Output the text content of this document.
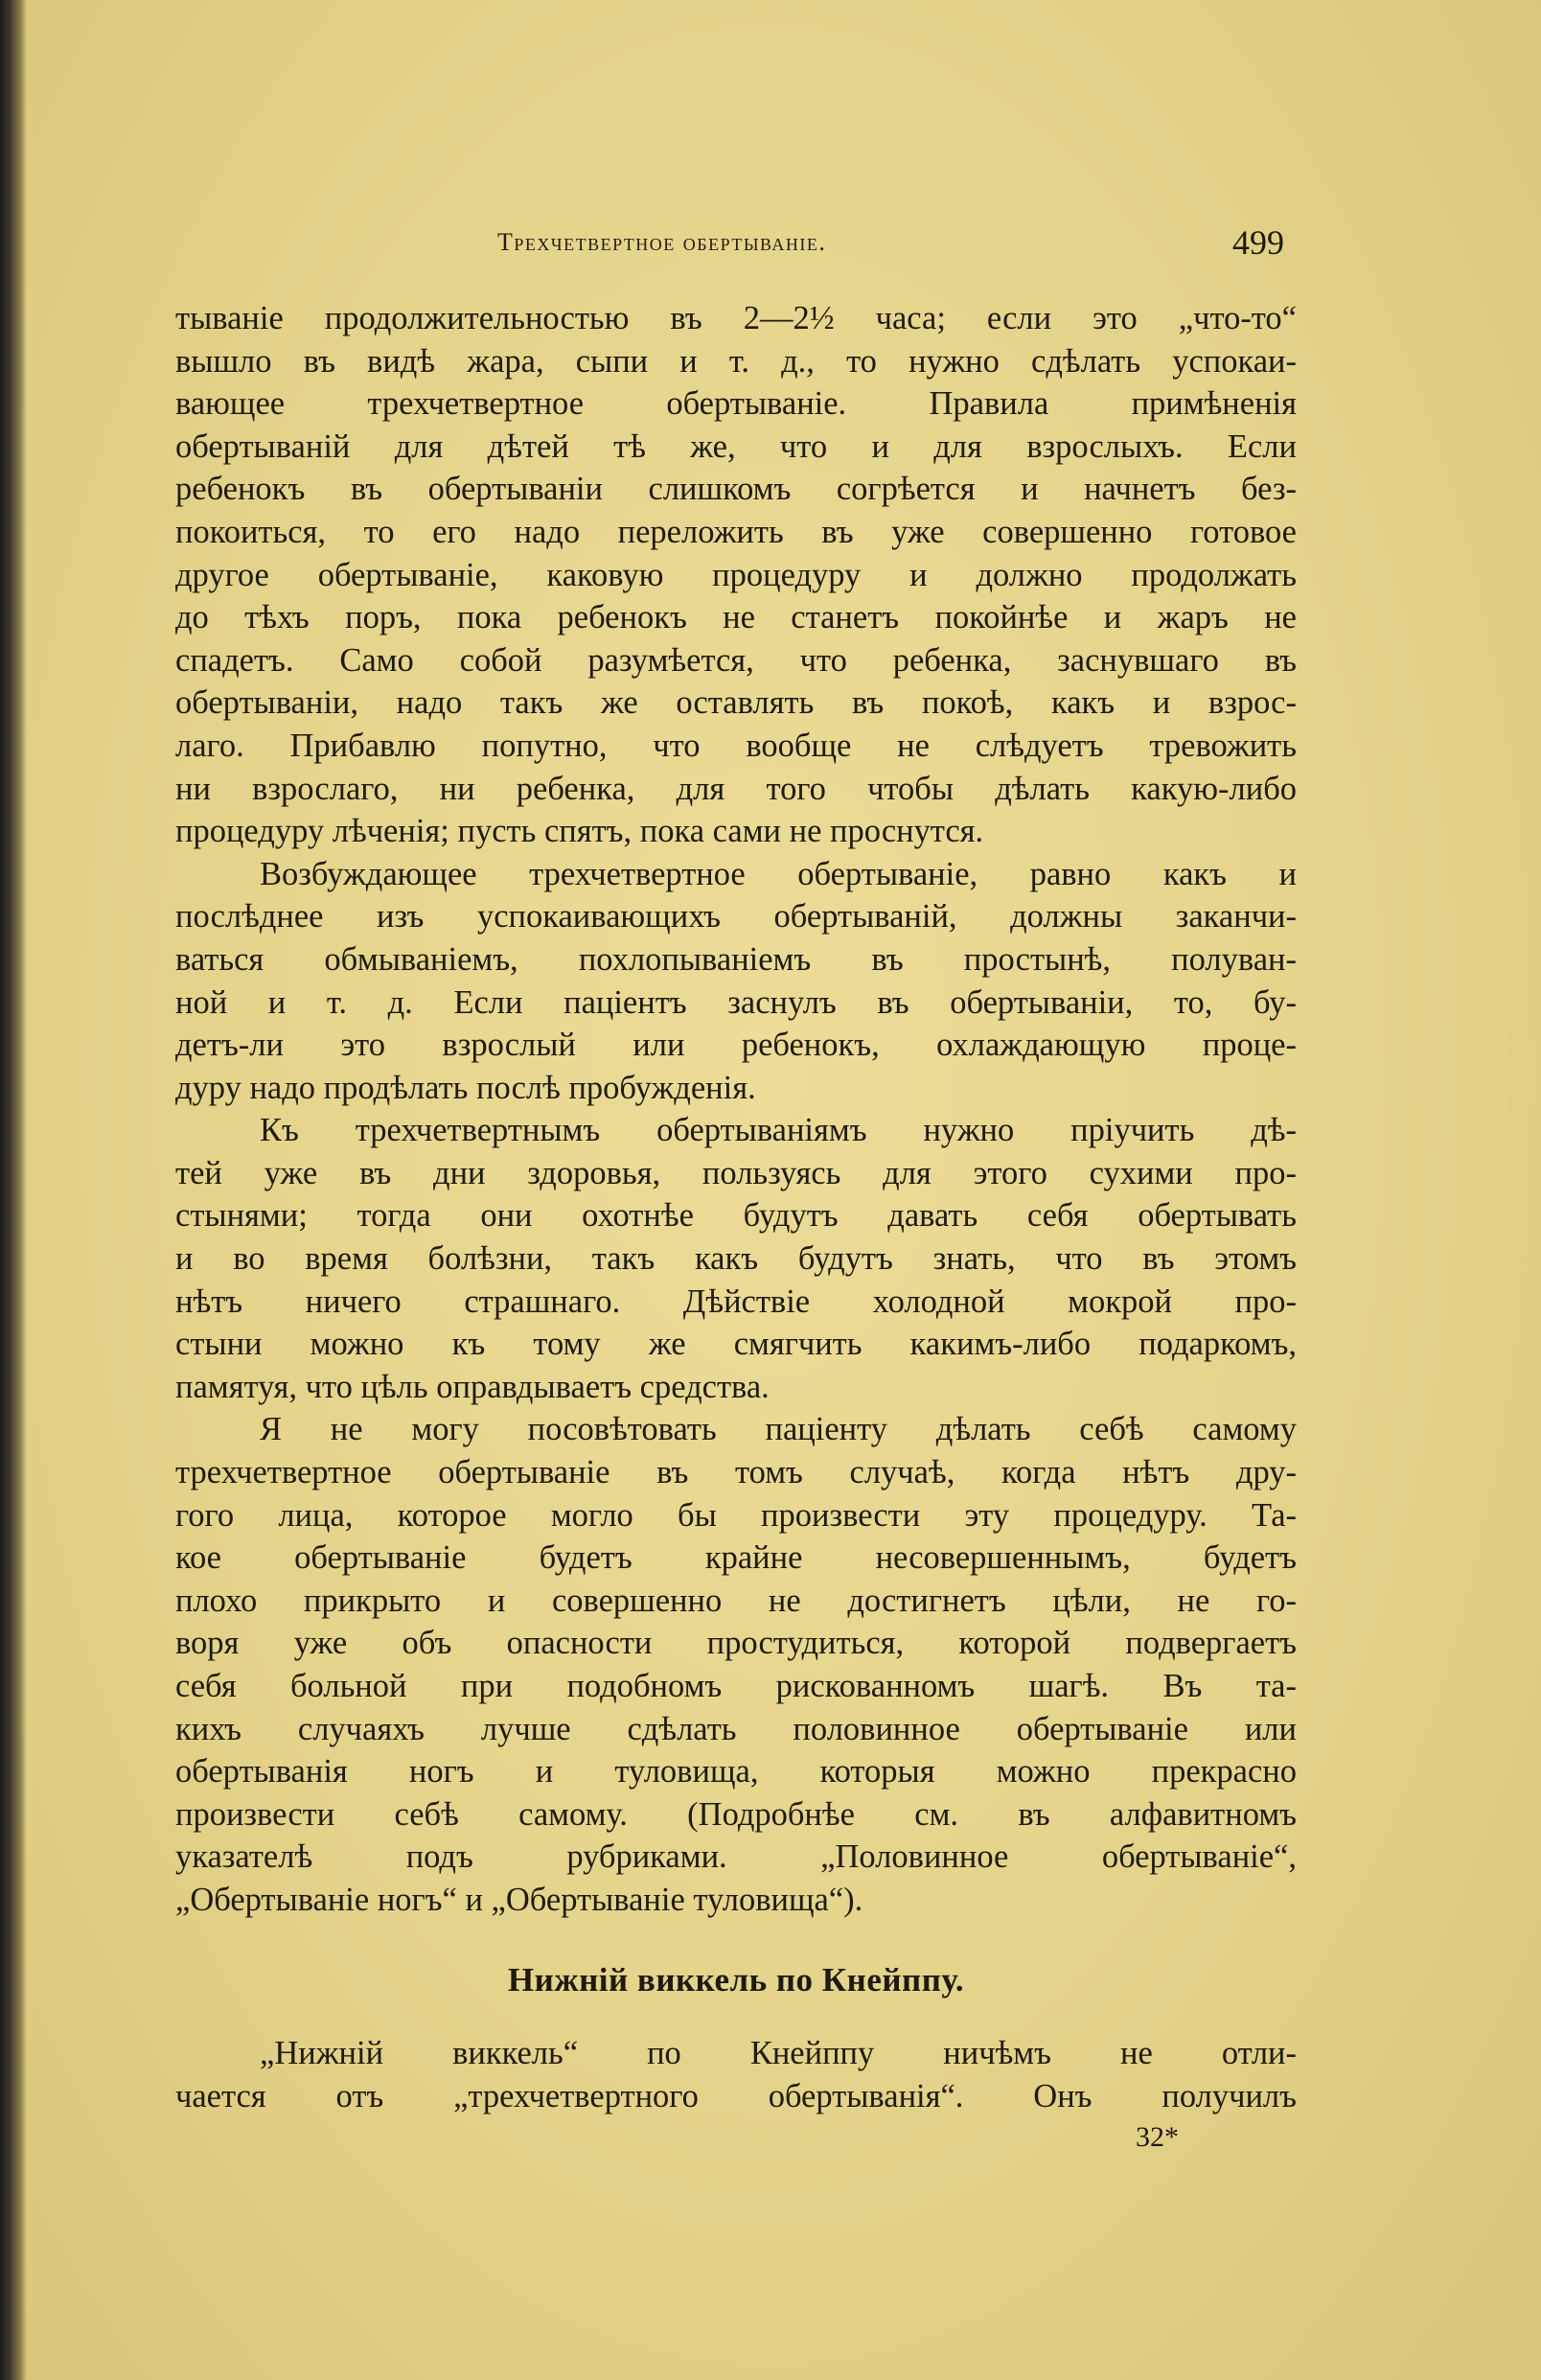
Трехчетвертное обертываніе.	499
тываніе продолжительностью въ 2—2½ часа; если это „что-то“
вышло въ видѣ жара, сыпи и т. д., то нужно сдѣлать успокаи-
вающее трехчетвертное обертываніе. Правила примѣненія
обертываній для дѣтей тѣ же, что и для взрослыхъ. Если
ребенокъ въ обертываніи слишкомъ согрѣется и начнетъ без-
покоиться, то его надо переложить въ уже совершенно готовое
другое обертываніе, каковую процедуру и должно продолжать
до тѣхъ поръ, пока ребенокъ не станетъ покойнѣе и жаръ не
спадетъ. Само собой разумѣется, что ребенка, заснувшаго въ
обертываніи, надо такъ же оставлять въ покоѣ, какъ и взрос-
лаго. Прибавлю попутно, что вообще не слѣдуетъ тревожить
ни взрослаго, ни ребенка, для того чтобы дѣлать какую-либо
процедуру лѣченія; пусть спятъ, пока сами не проснутся.
Возбуждающее трехчетвертное обертываніе, равно какъ и
послѣднее изъ успокаивающихъ обертываній, должны заканчи-
ваться обмываніемъ, похлопываніемъ въ простынѣ, полуван-
ной и т. д. Если паціентъ заснулъ въ обертываніи, то, бу-
детъ-ли это взрослый или ребенокъ, охлаждающую проце-
дуру надо продѣлать послѣ пробужденія.
Къ трехчетвертнымъ обертываніямъ нужно пріучить дѣ-
тей уже въ дни здоровья, пользуясь для этого сухими про-
стынями; тогда они охотнѣе будутъ давать себя обертывать
и во время болѣзни, такъ какъ будутъ знать, что въ этомъ
нѣтъ ничего страшнаго. Дѣйствіе холодной мокрой про-
стыни можно къ тому же смягчить какимъ-либо подаркомъ,
памятуя, что цѣль оправдываетъ средства.
Я не могу посовѣтовать паціенту дѣлать себѣ самому
трехчетвертное обертываніе въ томъ случаѣ, когда нѣтъ дру-
гого лица, которое могло бы произвести эту процедуру. Та-
кое обертываніе будетъ крайне несовершеннымъ, будетъ
плохо прикрыто и совершенно не достигнетъ цѣли, не го-
воря уже объ опасности простудиться, которой подвергаетъ
себя больной при подобномъ рискованномъ шагѣ. Въ та-
кихъ случаяхъ лучше сдѣлать половинное обертываніе или
обертыванія ногъ и туловища, которыя можно прекрасно
произвести себѣ самому. (Подробнѣе см. въ алфавитномъ
указателѣ подъ рубриками. „Половинное обертываніе“,
„Обертываніе ногъ“ и „Обертываніе туловища“).
Нижній виккель по Кнейппу.
„Нижній виккель“ по Кнейппу ничѣмъ не отли-
чается отъ „трехчетвертного обертыванія“. Онъ получилъ
32*
